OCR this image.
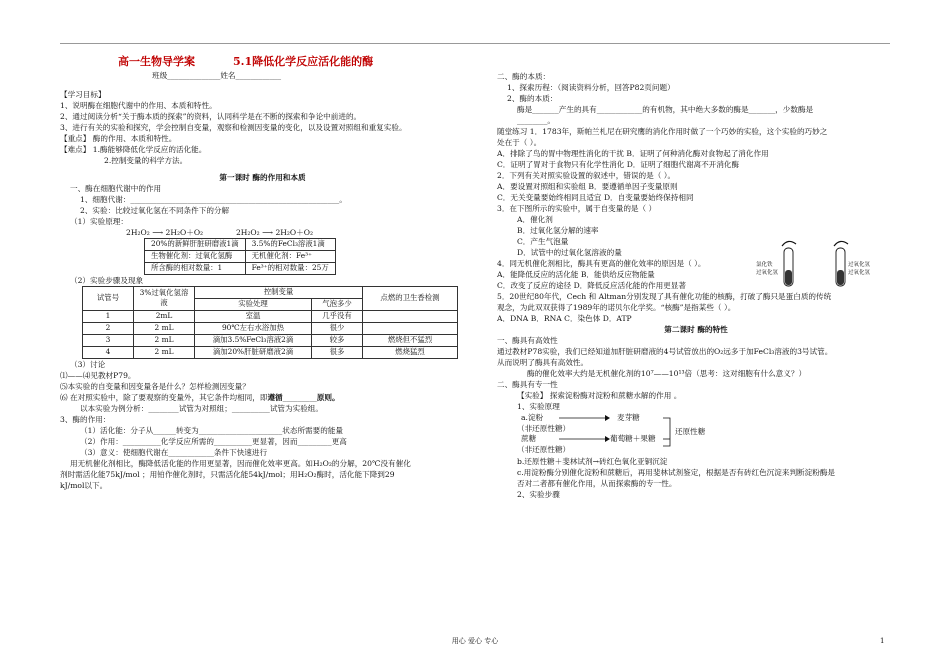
高一生物导学案	5.1降低化学反应活化能的酶
班级______________姓名____________
【学习目标】
1、说明酶在细胞代谢中的作用、本质和特性。
2、通过阅读分析“关于酶本质的探索”的资料，认同科学是在不断的探索和争论中前进的。
3、进行有关的实验和探究，学会控制自变量，观察和检测因变量的变化，以及设置对照组和重复实验。
【重点】 酶的作用、本质和特性。
【难点】 1.酶能够降低化学反应的活化能。
2.控制变量的科学方法。
第一课时 酶的作用和本质
一、酶在细胞代谢中的作用
1、细胞代谢：_______________________________________________________。
2、实验：比较过氧化氢在不同条件下的分解
（1）实验原理：
2H₂O₂ ⟶ 2H₂O＋O₂	2H₂O₂ ⟶ 2H₂O＋O₂
20%的新鲜肝脏研磨液1滴	3.5%的FeCl₃溶液1滴
生物催化剂：过氧化氢酶	无机催化剂：Fe³⁺
所含酶的相对数量：1	Fe³⁺的相对数量：25万
（2）实验步骤及现象
试管号	3%过氧化氢溶液	控制变量		点燃的卫生香检测
		实验处理	气泡多少	
1	2mL	室温	几乎没有	
2	2 mL	90℃左右水浴加热	很少	
3	2 mL	滴加3.5%FeCl₃溶液2滴	较多	燃烧但不猛烈
4	2 mL	滴加20%肝脏研磨液2滴	很多	燃烧猛烈
（3）讨论
⑴——⑷见教材P79。
⑸本实验的自变量和因变量各是什么？怎样检测因变量？
⑹ 在对照实验中，除了要观察的变量外，其它条件均相同，即遵循_________原则。
以本实验为例分析：________试管为对照组；__________试管为实验组。
3、酶的作用：
（1）活化能：分子从______转变为______________________状态所需要的能量
（2）作用：__________化学反应所需的__________更显著，因而_________更高
（3）意义：使细胞代谢在____________条件下快速进行
用无机催化剂相比，酶降低活化能的作用更显著，因而催化效率更高。如H₂O₂的分解，20℃没有催化
剂时需活化能75kJ/mol ；用铂作催化剂时，只需活化能54kJ/mol；用H₂O₂酶时，活化能下降到29
kJ/mol以下。
二、酶的本质：
1、探索历程：（阅读资料分析，回答P82页问题）
2、酶的本质：
酶是_______产生的具有____________的有机物，其中绝大多数的酶是_______，少数酶是
________。
随堂练习 1．1783年，斯帕兰札尼在研究鹰的消化作用时做了一个巧妙的实验，这个实验的巧妙之
处在于（ ）。
A．排除了鸟的胃中物理性消化的干扰 B．证明了何种消化酶对食物起了消化作用
C．证明了胃对于食物只有化学性消化 D．证明了细胞代谢离不开消化酶
2．下列有关对照实验设置的叙述中，错误的是（ ）。
A．要设置对照组和实验组 B．要遵循单因子变量原则
C．无关变量要始终相同且适宜 D．自变量要始终保持相同
3．在下图所示的实验中，属于自变量的是（ ）
A．催化剂
B．过氧化氢分解的速率
C．产生气泡量
D．试管中的过氧化氢溶液的量
4．同无机催化剂相比，酶具有更高的催化效率的原因是（ ）。
A．能降低反应的活化能 B．能供给反应物能量
C．改变了反应的途径 D．降低反应活化能的作用更显著
5．20世纪80年代，Cech 和 Altman分别发现了具有催化功能的核酶，打破了酶只是蛋白质的传统
观念，为此双双获得了1989年的诺贝尔化学奖。“核酶”是指某些（ ）。
A．DNA B．RNA C．染色体 D．ATP
第二课时 酶的特性
一、酶具有高效性
通过教材P78实验，我们已经知道加肝脏研磨液的4号试管放出的O₂远多于加FeCl₃溶液的3号试管。
从而说明了酶具有高效性。
酶的催化效率大约是无机催化剂的10⁷——10¹³倍（思考：这对细胞有什么意义？）
二、酶具有专一性
【实验】 探索淀粉酶对淀粉和蔗糖水解的作用 。
1、实验原理
a.淀粉
（非还原性糖）
麦芽糖
蔗糖
（非还原性糖）
葡萄糖＋果糖
还原性糖
b.还原性糖＋斐林试剂→砖红色氧化亚铜沉淀
c.用淀粉酶分别催化淀粉和蔗糖后，再用斐林试剂鉴定，根据是否有砖红色沉淀来判断淀粉酶是
否对二者都有催化作用，从而探索酶的专一性。
2、实验步骤
氯化铁
过氧化氢
过氧化氢
过氧化氢
用心 爱心 专心	1
